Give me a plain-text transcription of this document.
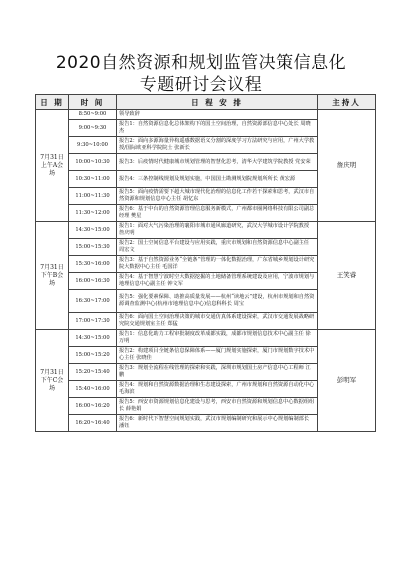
2020自然资源和规划监管决策信息化
专题研讨会议程
日 期	时 间	日 程 安 排	主持人
7月31日上午A会场	8:50~9:00	领导致辞	詹庆明
	9:00~9:30	报告1：自然资源信息化总体架构下的国土空间治理，自然资源部信息中心处长 周晓杰	
	9:30~10:00	报告2：面向多源海量异构遥感数据语义分割的深度学习方法研究与应用，广州大学教授/国际欧亚科学院院士 张新长	
	10:00~10:30	报告3：后疫情时代健康城市规划管理的智慧化思考，清华大学建筑学院教授 党安荣	
	10:30~11:00	报告4：三条控制线规划及规划实施，中国国土勘测规划院规划所所长 黄宏源	
	11:00~11:30	报告5：面向疫情需要下超大城市现代化治理的信息化工作若干探索和思考，武汉市自然资源和规划信息中心主任 胡忆东	
	11:30~12:00	报告6：基于中台的自然资源管理信息服务新模式，广州都市圈网络科技有限公司副总经理 樊星	
7月31日下午B会场	14:30~15:00	报告1：面对大气污染治理的襄阳市城市通风廊道研究，武汉大学城市设计学院教授 詹庆明	王笑睿
	15:00~15:30	报告2：国土空间信息平台建设与应用实践，重庆市规划和自然资源信息中心副主任 周宏文	
	15:30~16:00	报告3：基于自然资源业务“全链条”管理的一体化数据治理，广东省城乡规划设计研究院大数据中心主任 毛国洋	
	16:00~16:30	报告4：基于智慧宁波时空大数据挖掘的土地储备管理系统建设及应用，宁波市规划与地理信息中心副主任 钟文军	
	16:30~17:00	报告5：强化要素保障、助推高质量发展——杭州“读地云”建设，杭州市规划和自然资源调查监测中心(杭州市地理信息中心)信息科科长 周宝	
	17:00~17:30	报告6：面向国土空间治理决策的城市交通仿真体系建设探索，武汉市交通发展战略研究院交通规划室主任 郑猛	
7月31日下午C会场	14:30~15:00	报告1：信息化助力工程审批制度改革成都实践，成都市规划信息技术中心副主任 徐万明	彭明军
	15:00~15:20	报告2：构建项目全链条信息保障体系——厦门规划实施探索，厦门市规划数字技术中心主任 张晓佳	
	15:20~15:40	报告3：规划全流程在线管理的探索和实践，深圳市规划国土房产信息中心工程师 江鹏	
	15:40~16:00	报告4：规划和自然资源数据治理和生态建设探索，广州市规划和自然资源自动化中心 毛海滨	
	16:00~16:20	报告5：西安市资源规划信息化建设与思考，西安市自然资源和规划信息中心数据组组长 薛艳娟	
	16:20~16:40	报告6：新时代下智慧空间规划实践，武汉市规划编制研究和展示中心规划编制部长 潘钰	
